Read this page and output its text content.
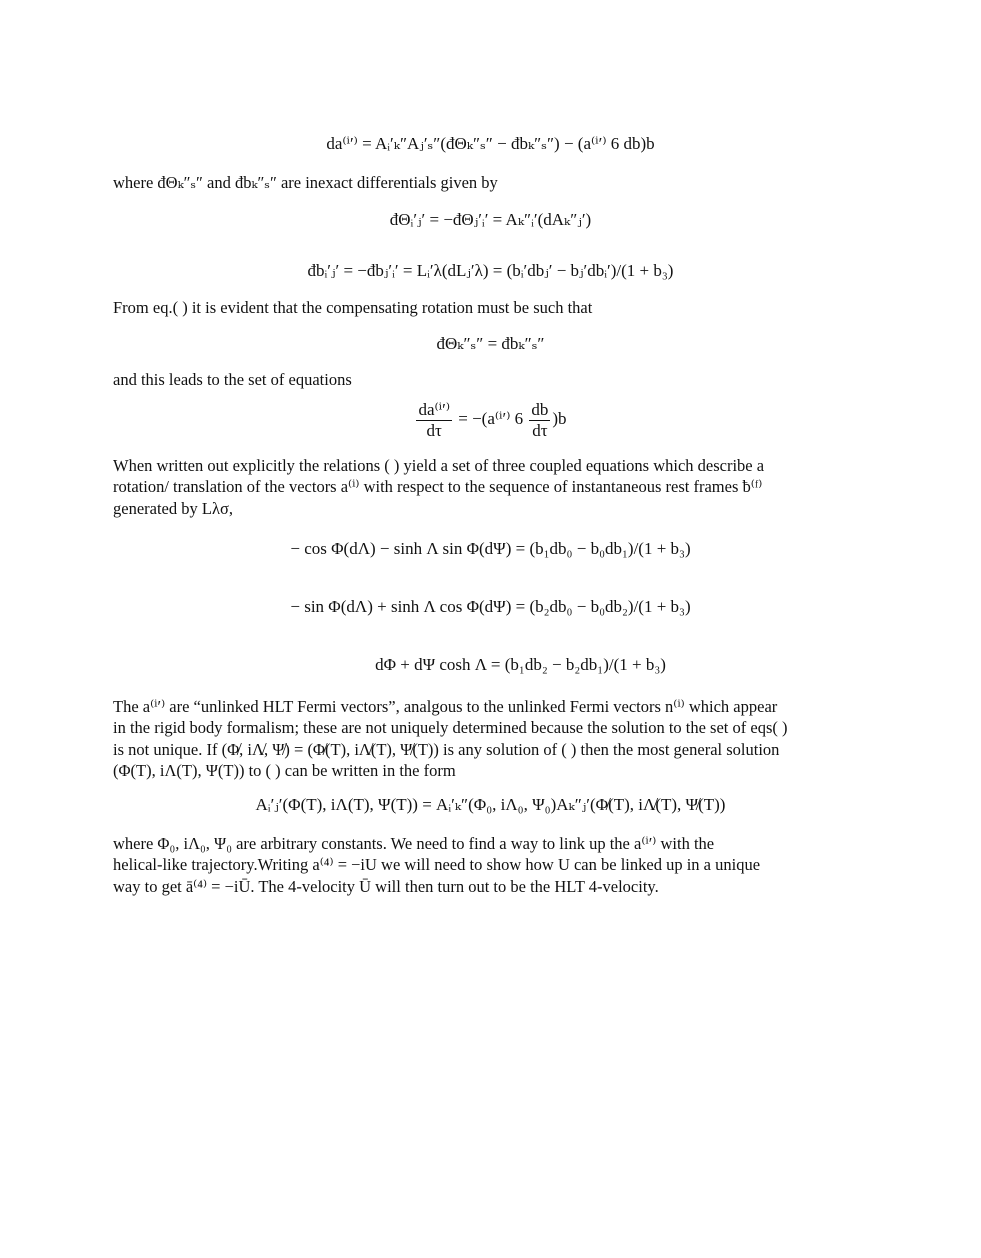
da⁽ⁱ′⁾ = Aᵢ′ₖ″Aⱼ′ₛ″(đΘₖ″ₛ″ − đbₖ″ₛ″) − (a⁽ⁱ′⁾ 6 db)b
where đΘₖ″ₛ″ and đbₖ″ₛ″ are inexact differentials given by
đΘᵢ′ⱼ′ = −đΘⱼ′ᵢ′ = Aₖ″ᵢ′(dAₖ″ⱼ′)
đbᵢ′ⱼ′ = −đbⱼ′ᵢ′ = Lᵢ′λ(dLⱼ′λ) = (bᵢ′dbⱼ′ − bⱼ′dbᵢ′)/(1 + b₃)
From eq.( ) it is evident that the compensating rotation must be such that
đΘₖ″ₛ″ = đbₖ″ₛ″
and this leads to the set of equations
$\frac{\text{da⁽ⁱ′⁾}}{d\tau} = -(a^{(i}'^)$ $6 \frac{db}{d\tau} )b$
When written out explicitly the relations ( ) yield a set of three coupled equations which describe a
rotation/ translation of the vectors a⁽ⁱ⁾ with respect to the sequence of instantaneous rest frames ƀ⁽ᶠ⁾
generated by Lλσ,
− cos Φ(dΛ) − sinh Λ sin Φ(dΨ) = (b₁db₀ − b₀db₁)/(1 + b₃)
− sin Φ(dΛ) + sinh Λ cos Φ(dΨ) = (b₂db₀ − b₀db₂)/(1 + b₃)
dΦ + dΨ cosh Λ = (b₁db₂ − b₂db₁)/(1 + b₃)
The a⁽ⁱ′⁾ are “unlinked HLT Fermi vectors”, analgous to the unlinked Fermi vectors n⁽ⁱ⁾ which appear
in the rigid body formalism; these are not uniquely determined because the solution to the set of eqs( )
is not unique. If (Φ̸, iΛ̸, Ψ̸) = (Φ̸(T), iΛ̸(T), Ψ̸(T)) is any solution of ( ) then the most general solution
(Φ(T), iΛ(T), Ψ(T)) to ( ) can be written in the form
Aᵢ′ⱼ′(Φ(T), iΛ(T), Ψ(T)) = Aᵢ′ₖ″(Φ₀, iΛ₀, Ψ₀)Aₖ″ⱼ′(Φ̸(T), iΛ̸(T), Ψ̸(T))
where Φ₀, iΛ₀, Ψ₀ are arbitrary constants. We need to find a way to link up the a⁽ⁱ′⁾ with the
helical-like trajectory.Writing a⁽⁴⁾ = −iU we will need to show how U can be linked up in a unique
way to get ā⁽⁴⁾ = −iŪ. The 4-velocity Ū will then turn out to be the HLT 4-velocity.
